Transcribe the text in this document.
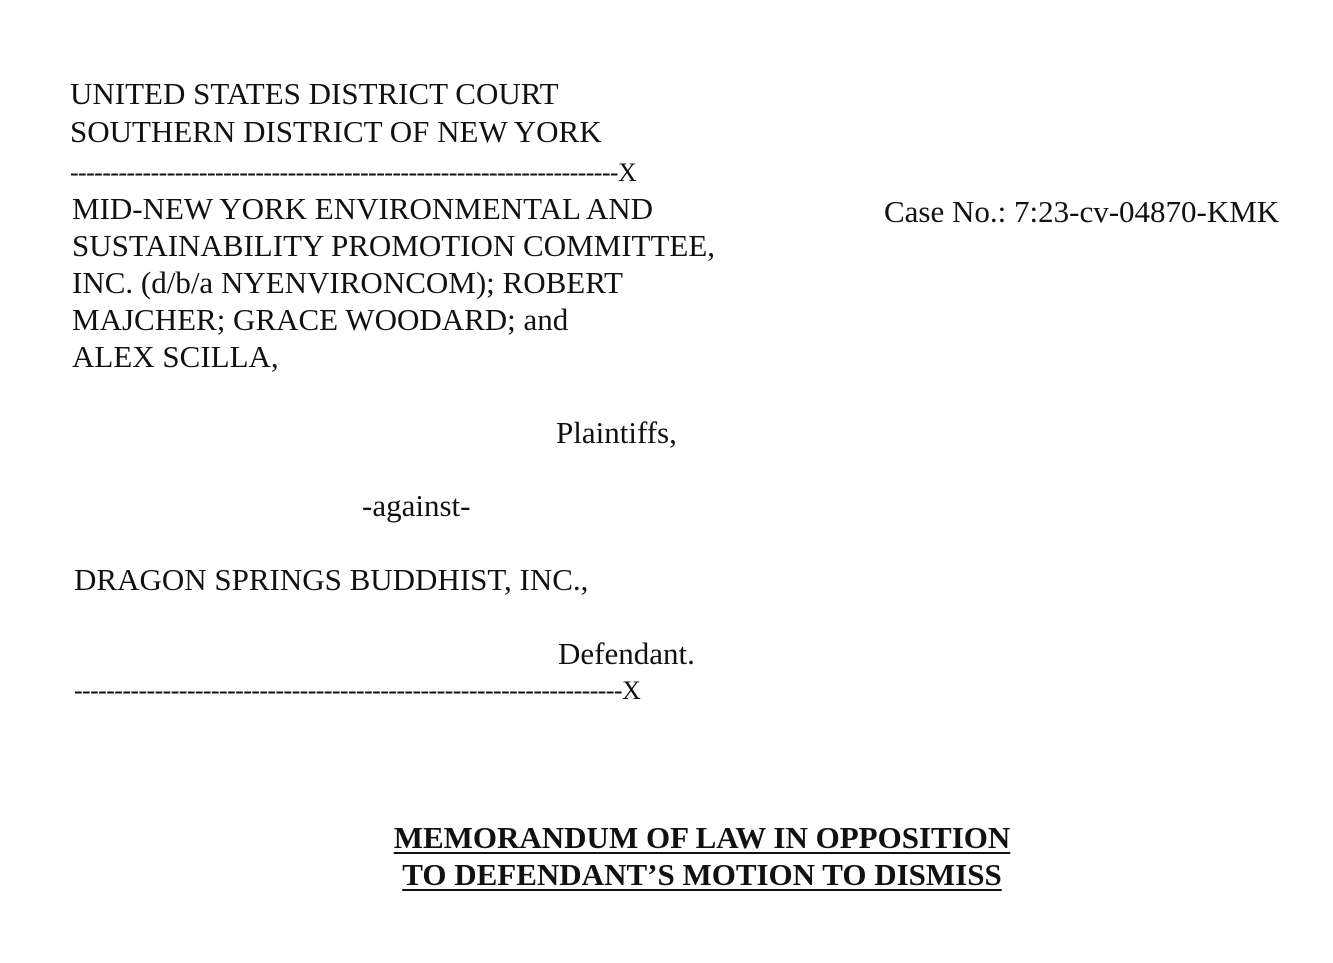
UNITED STATES DISTRICT COURT
SOUTHERN DISTRICT OF NEW YORK
--------------------------------------------------------------------X
MID-NEW YORK ENVIRONMENTAL AND
SUSTAINABILITY PROMOTION COMMITTEE,
INC. (d/b/a NYENVIRONCOM); ROBERT
MAJCHER; GRACE WOODARD; and
ALEX SCILLA,
Case No.: 7:23-cv-04870-KMK
Plaintiffs,
-against-
DRAGON SPRINGS BUDDHIST, INC.,
Defendant.
--------------------------------------------------------------------X
MEMORANDUM OF LAW IN OPPOSITION
TO DEFENDANT’S MOTION TO DISMISS
